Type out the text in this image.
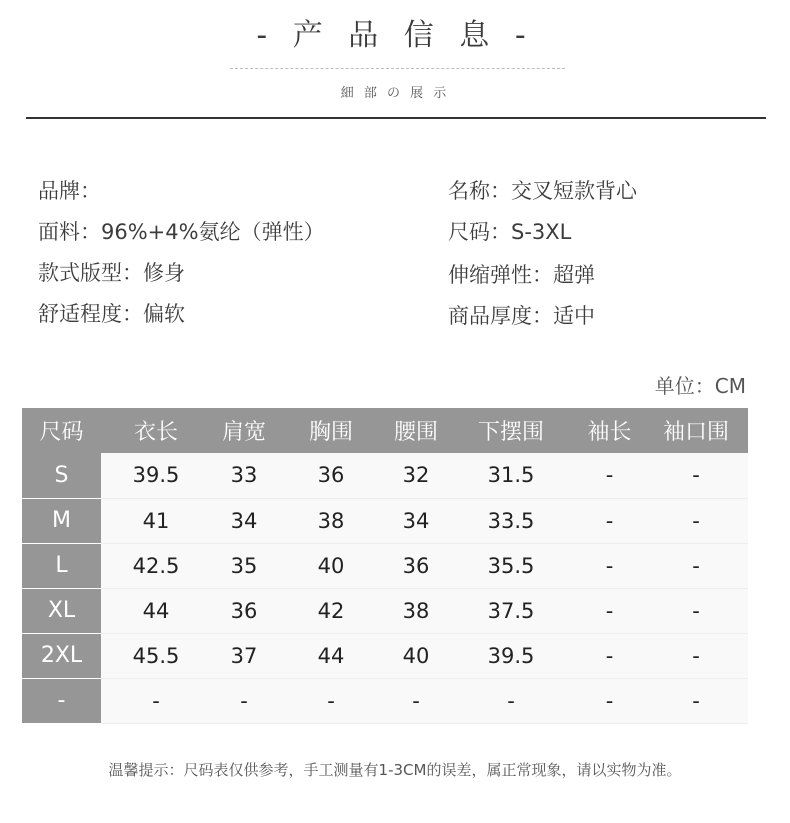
- 产 品 信 息 -
細 部 の 展 示
品牌：
面料：96%+4%氨纶（弹性）
款式版型：修身
舒适程度：偏软
名称：交叉短款背心
尺码：S-3XL
伸缩弹性：超弹
商品厚度：适中
单位：CM
尺码	衣长	肩宽	胸围	腰围	下摆围	袖长	袖口围
S	39.5	33	36	32	31.5	-	-
M	41	34	38	34	33.5	-	-
L	42.5	35	40	36	35.5	-	-
XL	44	36	42	38	37.5	-	-
2XL	45.5	37	44	40	39.5	-	-
-	-	-	-	-	-	-	-
温馨提示：尺码表仅供参考，手工测量有1-3CM的误差，属正常现象，请以实物为准。
